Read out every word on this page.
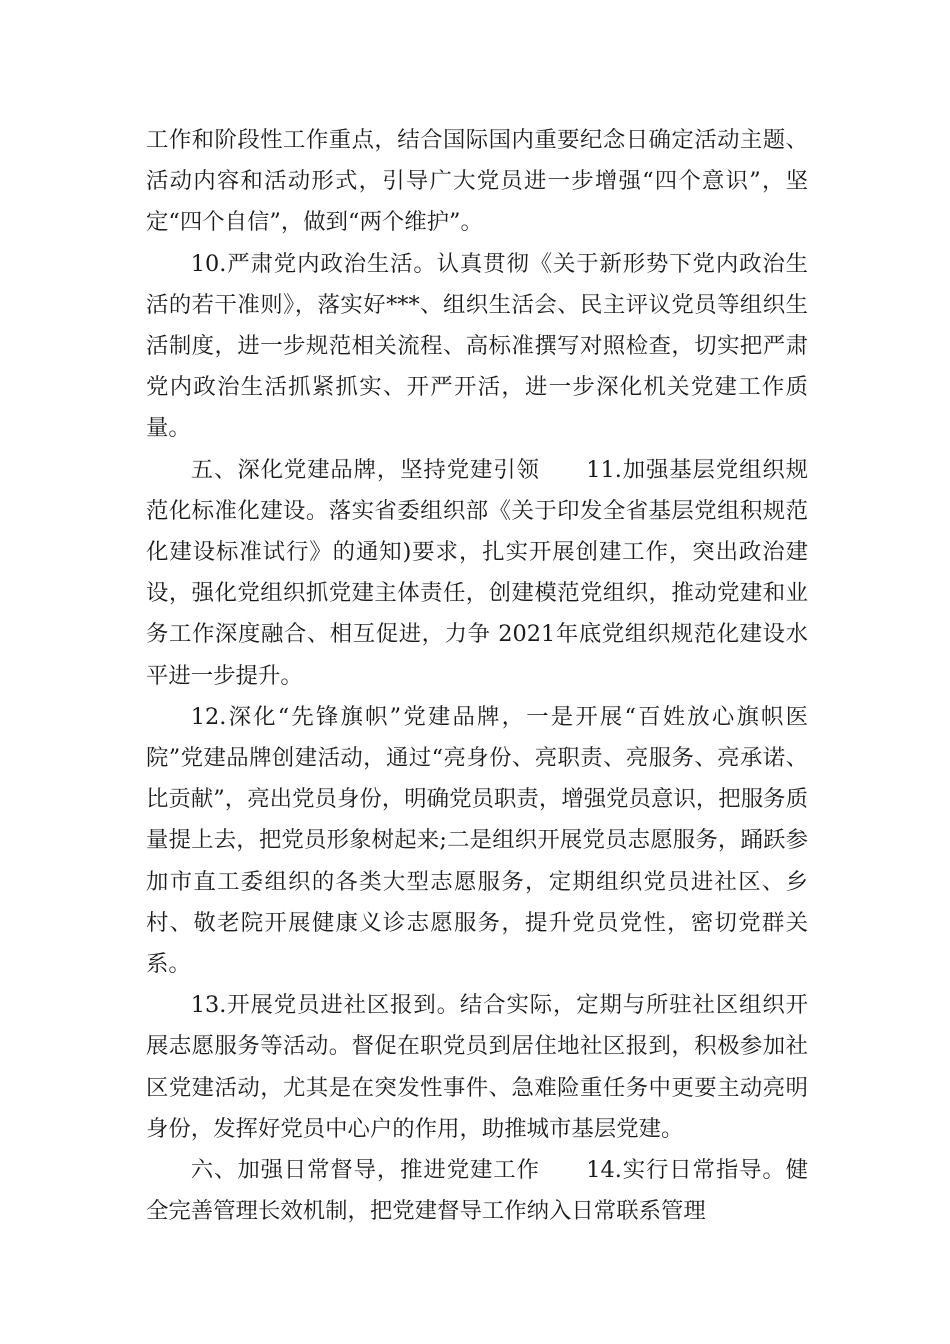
工作和阶段性工作重点，结合国际国内重要纪念日确定活动主题、活动内容和活动形式，引导广大党员进一步增强“四个意识”，坚定“四个自信”，做到“两个维护”。

10.严肃党内政治生活。认真贯彻《关于新形势下党内政治生活的若干准则》，落实好***、组织生活会、民主评议党员等组织生活制度，进一步规范相关流程、高标准撰写对照检查，切实把严肃党内政治生活抓紧抓实、开严开活，进一步深化机关党建工作质量。

五、深化党建品牌，坚持党建引领　　11.加强基层党组织规范化标准化建设。落实省委组织部《关于印发全省基层党组积规范化建设标准试行》的通知)要求，扎实开展创建工作，突出政治建设，强化党组织抓党建主体责任，创建模范党组织，推动党建和业务工作深度融合、相互促进，力争 2021年底党组织规范化建设水平进一步提升。

12.深化“先锋旗帜”党建品牌，一是开展“百姓放心旗帜医院”党建品牌创建活动，通过“亮身份、亮职责、亮服务、亮承诺、比贡献”，亮出党员身份，明确党员职责，增强党员意识，把服务质量提上去，把党员形象树起来;二是组织开展党员志愿服务，踊跃参加市直工委组织的各类大型志愿服务，定期组织党员进社区、乡村、敬老院开展健康义诊志愿服务，提升党员党性，密切党群关系。

13.开展党员进社区报到。结合实际，定期与所驻社区组织开展志愿服务等活动。督促在职党员到居住地社区报到，积极参加社区党建活动，尤其是在突发性事件、急难险重任务中更要主动亮明身份，发挥好党员中心户的作用，助推城市基层党建。

六、加强日常督导，推进党建工作　　14.实行日常指导。健全完善管理长效机制，把党建督导工作纳入日常联系管理
